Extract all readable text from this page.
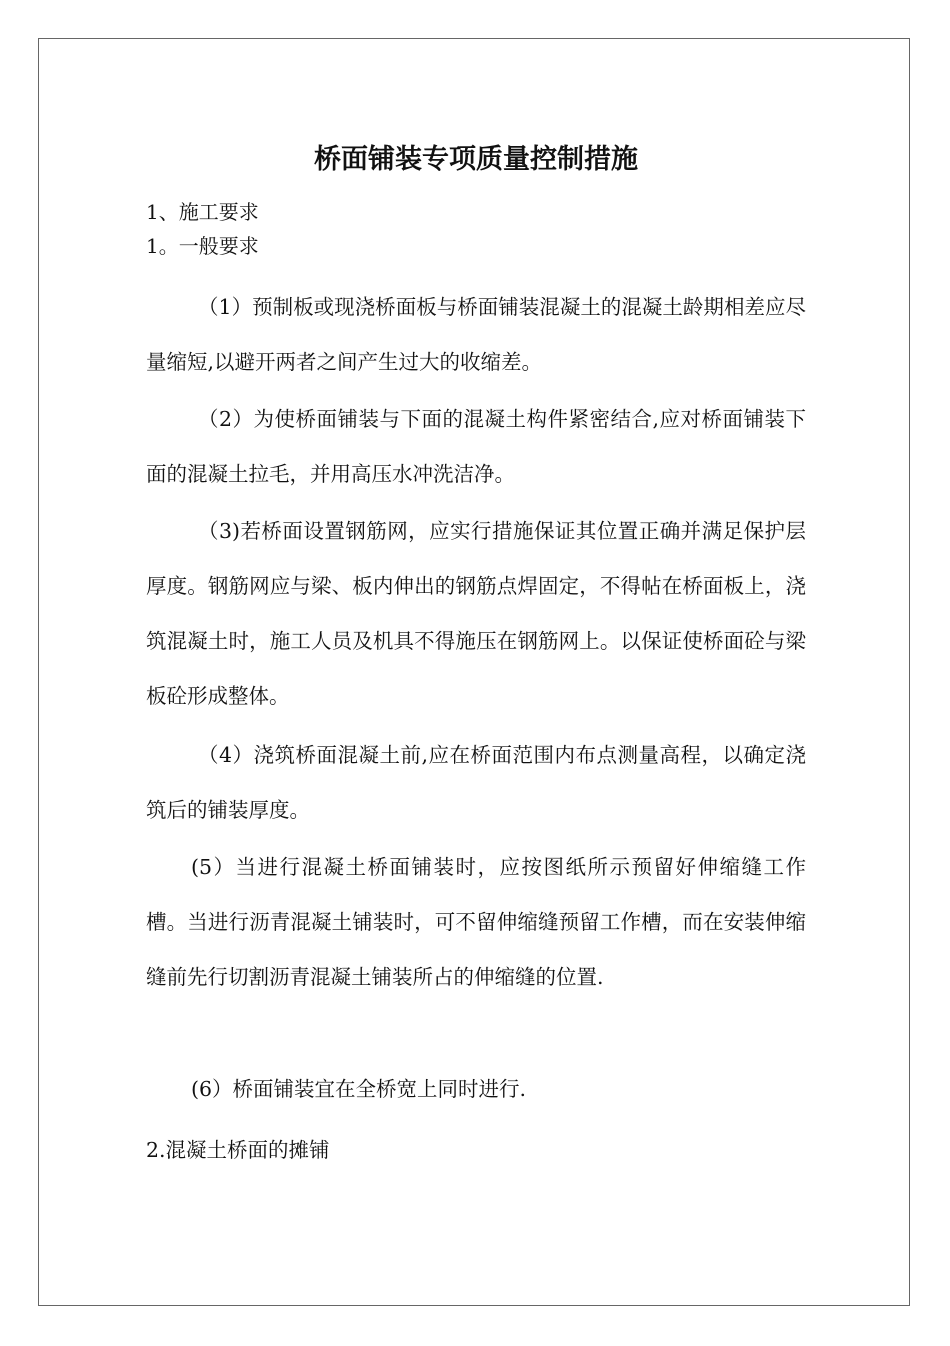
桥面铺装专项质量控制措施
1、施工要求
1。一般要求

（1）预制板或现浇桥面板与桥面铺装混凝土的混凝土龄期相差应尽量缩短,以避开两者之间产生过大的收缩差。

（2）为使桥面铺装与下面的混凝土构件紧密结合,应对桥面铺装下面的混凝土拉毛，并用高压水冲洗洁净。

（3)若桥面设置钢筋网，应实行措施保证其位置正确并满足保护层厚度。钢筋网应与梁、板内伸出的钢筋点焊固定，不得帖在桥面板上，浇筑混凝土时，施工人员及机具不得施压在钢筋网上。以保证使桥面砼与梁板砼形成整体。

（4）浇筑桥面混凝土前,应在桥面范围内布点测量高程，以确定浇筑后的铺装厚度。

(5）当进行混凝土桥面铺装时，应按图纸所示预留好伸缩缝工作槽。当进行沥青混凝土铺装时，可不留伸缩缝预留工作槽，而在安装伸缩缝前先行切割沥青混凝土铺装所占的伸缩缝的位置.

(6）桥面铺装宜在全桥宽上同时进行.

2.混凝土桥面的摊铺
